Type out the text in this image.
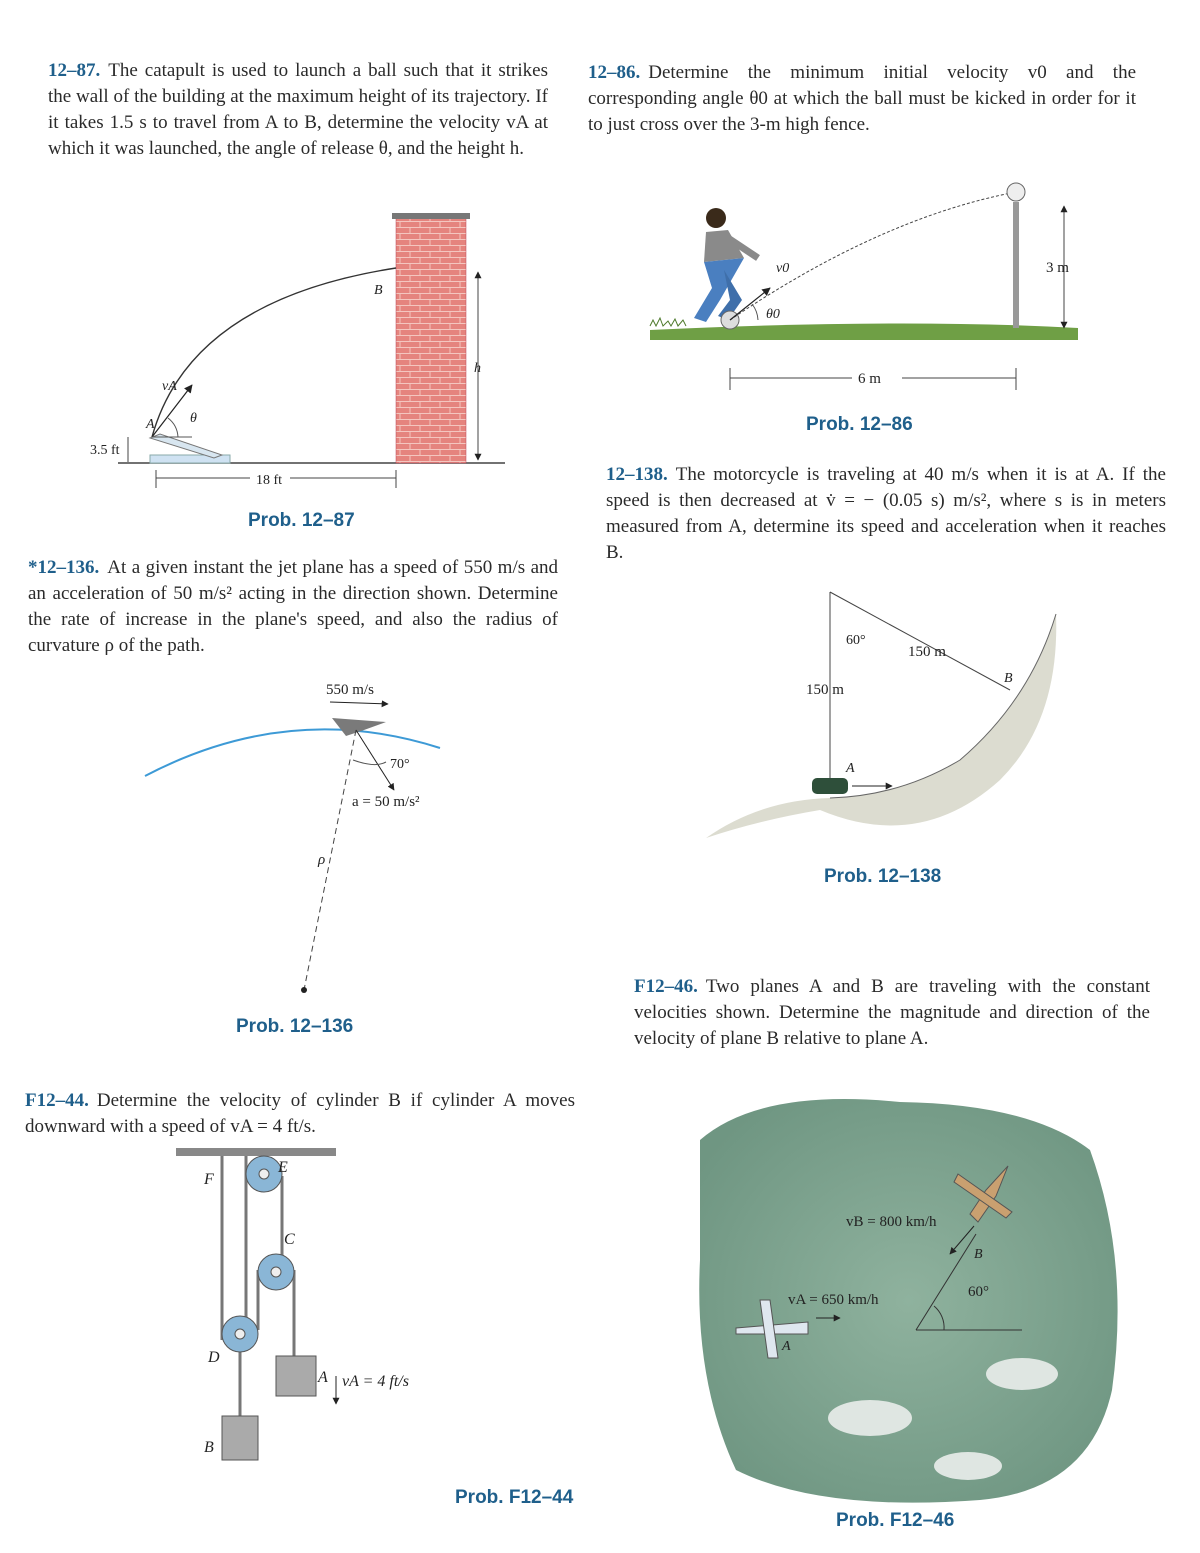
12–87. The catapult is used to launch a ball such that it strikes the wall of the building at the maximum height of its trajectory. If it takes 1.5 s to travel from A to B, determine the velocity vA at which it was launched, the angle of release θ, and the height h.
12–86. Determine the minimum initial velocity v0 and the corresponding angle θ0 at which the ball must be kicked in order for it to just cross over the 3-m high fence.
*12–136. At a given instant the jet plane has a speed of 550 m/s and an acceleration of 50 m/s² acting in the direction shown. Determine the rate of increase in the plane's speed, and also the radius of curvature ρ of the path.
12–138. The motorcycle is traveling at 40 m/s when it is at A. If the speed is then decreased at v̇ = − (0.05 s) m/s², where s is in meters measured from A, determine its speed and acceleration when it reaches B.
F12–44. Determine the velocity of cylinder B if cylinder A moves downward with a speed of vA = 4 ft/s.
F12–46. Two planes A and B are traveling with the constant velocities shown. Determine the magnitude and direction of the velocity of plane B relative to plane A.
Prob. 12–87
Prob. 12–86
Prob. 12–136
Prob. 12–138
Prob. F12–44
Prob. F12–46
vA
A	θ
B
h
3.5 ft
18 ft
v0
θ0
3 m
6 m
550 m/s
70°
a = 50 m/s²
ρ
60°
150 m
150 m
A
B
E
F
C
D
A
B
vA = 4 ft/s
60°
vB = 800 km/h
vA = 650 km/h
A
B
